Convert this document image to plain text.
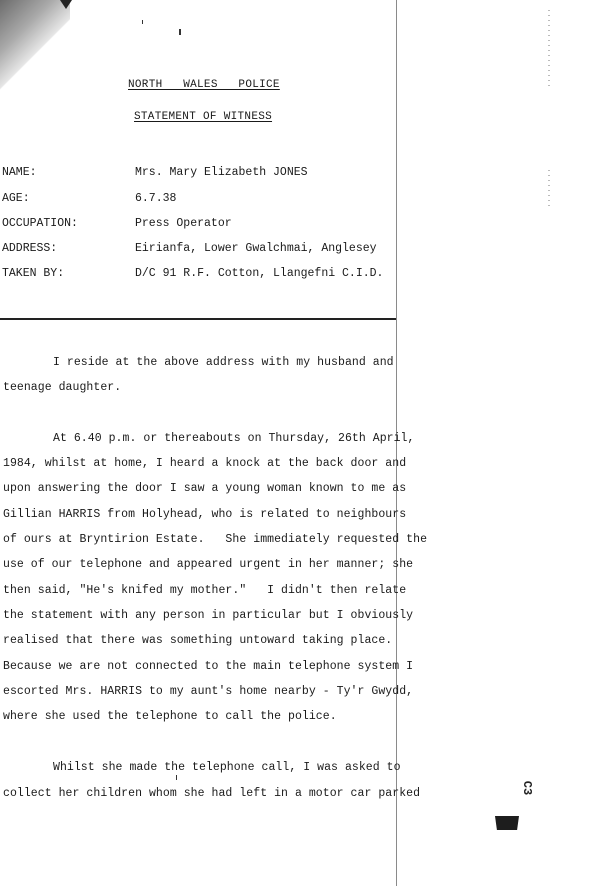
NORTH   WALES   POLICE
STATEMENT OF WITNESS
NAME:	Mrs. Mary Elizabeth JONES
AGE:	6.7.38
OCCUPATION:	Press Operator
ADDRESS:	Eirianfa, Lower Gwalchmai, Anglesey
TAKEN BY:	D/C 91 R.F. Cotton, Llangefni C.I.D.
I reside at the above address with my husband and
teenage daughter.
At 6.40 p.m. or thereabouts on Thursday, 26th April,
1984, whilst at home, I heard a knock at the back door and
upon answering the door I saw a young woman known to me as
Gillian HARRIS from Holyhead, who is related to neighbours
of ours at Bryntirion Estate.   She immediately requested the
use of our telephone and appeared urgent in her manner; she
then said, "He's knifed my mother."   I didn't then relate
the statement with any person in particular but I obviously
realised that there was something untoward taking place.
Because we are not connected to the main telephone system I
escorted Mrs. HARRIS to my aunt's home nearby - Ty'r Gwydd,
where she used the telephone to call the police.
Whilst she made the telephone call, I was asked to
collect her children whom she had left in a motor car parked	C3
